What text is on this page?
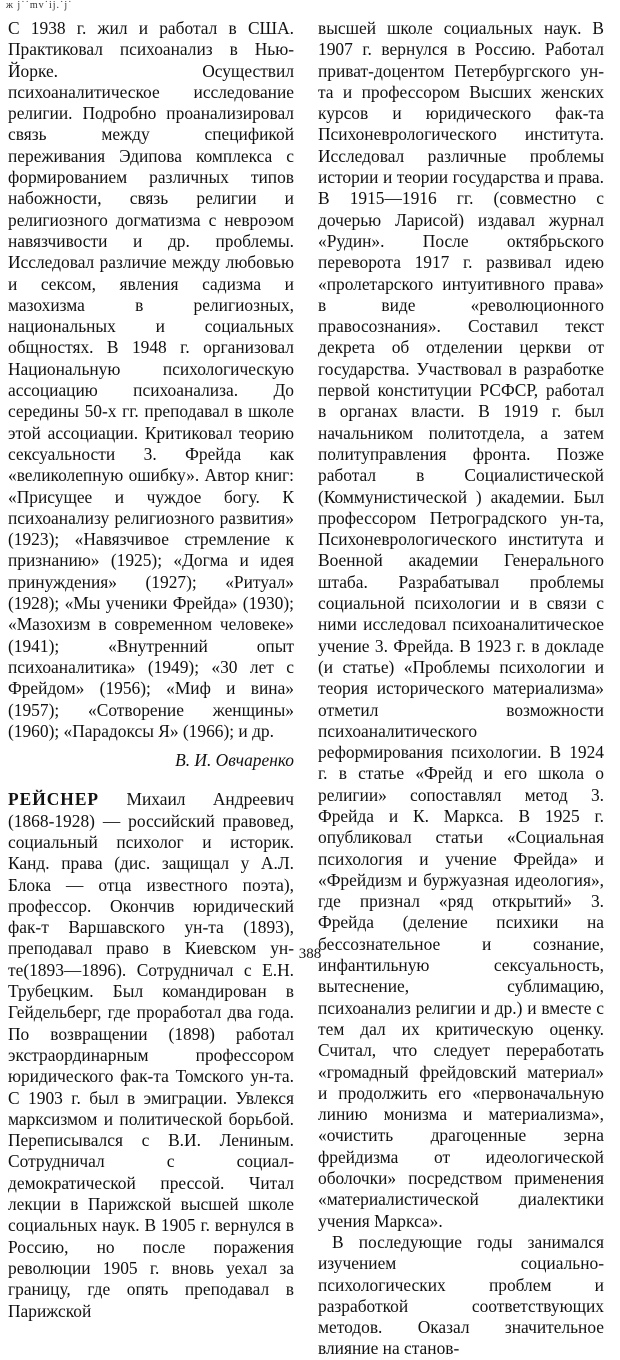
ж ј˙˙mv˙ij.˙j˙

С 1938 г. жил и работал в США. Практиковал психоанализ в Нью-Йорке. Осуществил психоаналитическое исследование религии. Подробно проанализировал связь между спецификой переживания Эдипова комплекса с формированием различных типов набожности, связь религии и религиозного догматизма с невроэом навязчивости и др. проблемы. Исследовал различие между любовью и сексом, явления садизма и мазохизма в религиозных, национальных и социальных общностях. В 1948 г. организовал Национальную психологическую ассоциацию психоанализа. До середины 50-х гг. преподавал в школе этой ассоциации. Критиковал теорию сексуальности 3. Фрейда как «великолепную ошибку». Автор книг: «Присущее и чуждое богу. К психоанализу религиозного развития» (1923); «Навязчивое стремление к признанию» (1925); «Догма и идея принуждения» (1927); «Ритуал» (1928); «Мы ученики Фрейда» (1930); «Мазохизм в современном человеке» (1941); «Внутренний опыт психоаналитика» (1949); «30 лет с Фрейдом» (1956); «Миф и вина» (1957); «Сотворение женщины» (1960); «Парадоксы Я» (1966); и др.

В. И. Овчаренко

РЕЙСНЕР Михаил Андреевич (1868-1928) — российский правовед, социальный психолог и историк. Канд. права (дис. защищал у А.Л. Блока — отца известного поэта), профессор. Окончив юридический фак-т Варшавского ун-та (1893), преподавал право в Киевском ун-те(1893—1896). Сотрудничал с Е.Н. Трубецким. Был командирован в Гейдельберг, где проработал два года. По возвращении (1898) работал экстраординарным профессором юридического фак-та Томского ун-та. С 1903 г. был в эмиграции. Увлекся марксизмом и политической борьбой. Переписывался с В.И. Лениным. Сотрудничал с социал-демократической прессой. Читал лекции в Парижской высшей школе социальных наук. В 1905 г. вернулся в Россию, но после поражения революции 1905 г. вновь уехал за границу, где опять преподавал в Парижской

высшей школе социальных наук. В 1907 г. вернулся в Россию. Работал приват-доцентом Петербургского ун-та и профессором Высших женских курсов и юридического фак-та Психоневрологического института. Исследовал различные проблемы истории и теории государства и права. В 1915—1916 гг. (совместно с дочерью Ларисой) издавал журнал «Рудин». После октябрьского переворота 1917 г. развивал идею «пролетарского интуитивного права» в виде «революционного правосознания». Составил текст декрета об отделении церкви от государства. Участвовал в разработке первой конституции РСФСР, работал в органах власти. В 1919 г. был начальником политотдела, а затем политуправления фронта. Позже работал в Социалистической (Коммунистической ) академии. Был профессором Петроградского ун-та, Психоневрологического института и Военной академии Генерального штаба. Разрабатывал проблемы социальной психологии и в связи с ними исследовал психоаналитическое учение 3. Фрейда. В 1923 г. в докладе (и статье) «Проблемы психологии и теория исторического материализма» отметил возможности психоаналитического реформирования психологии. В 1924 г. в статье «Фрейд и его школа о религии» сопоставлял метод 3. Фрейда и К. Маркса. В 1925 г. опубликовал статьи «Социальная психология и учение Фрейда» и «Фрейдизм и буржуазная идеология», где признал «ряд открытий» 3. Фрейда (деление психики на бессознательное и сознание, инфантильную сексуальность, вытеснение, сублимацию, психоанализ религии и др.) и вместе с тем дал их критическую оценку. Считал, что следует переработать «громадный фрейдовский материал» и продолжить его «первоначальную линию монизма и материализма», «очистить драгоценные зерна фрейдизма от идеологической оболочки» посредством применения «материалистической диалектики учения Маркса».

В последующие годы занимался изучением социально-психологических проблем и разработкой соответствующих методов. Оказал значительное влияние на станов-

388
